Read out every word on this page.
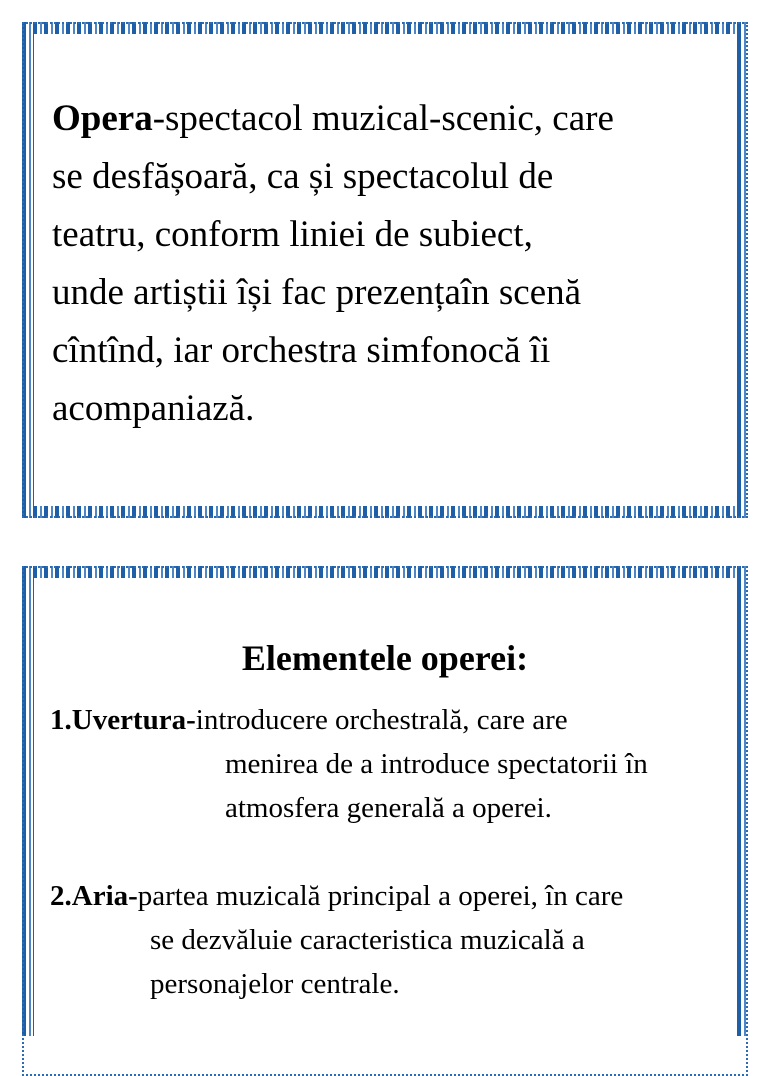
Opera-spectacol muzical-scenic, care
se desfășoară, ca și spectacolul de
teatru, conform liniei de subiect,
unde artiștii își fac prezențaîn scenă
cîntînd, iar orchestra simfonocă îi
acompaniază.

Elementele operei:

1.Uvertura-introducere orchestrală, care are
menirea de a introduce spectatorii în
atmosfera generală a operei.

2.Aria-partea muzicală principal a operei, în care
se dezvăluie caracteristica muzicală a
personajelor centrale.
